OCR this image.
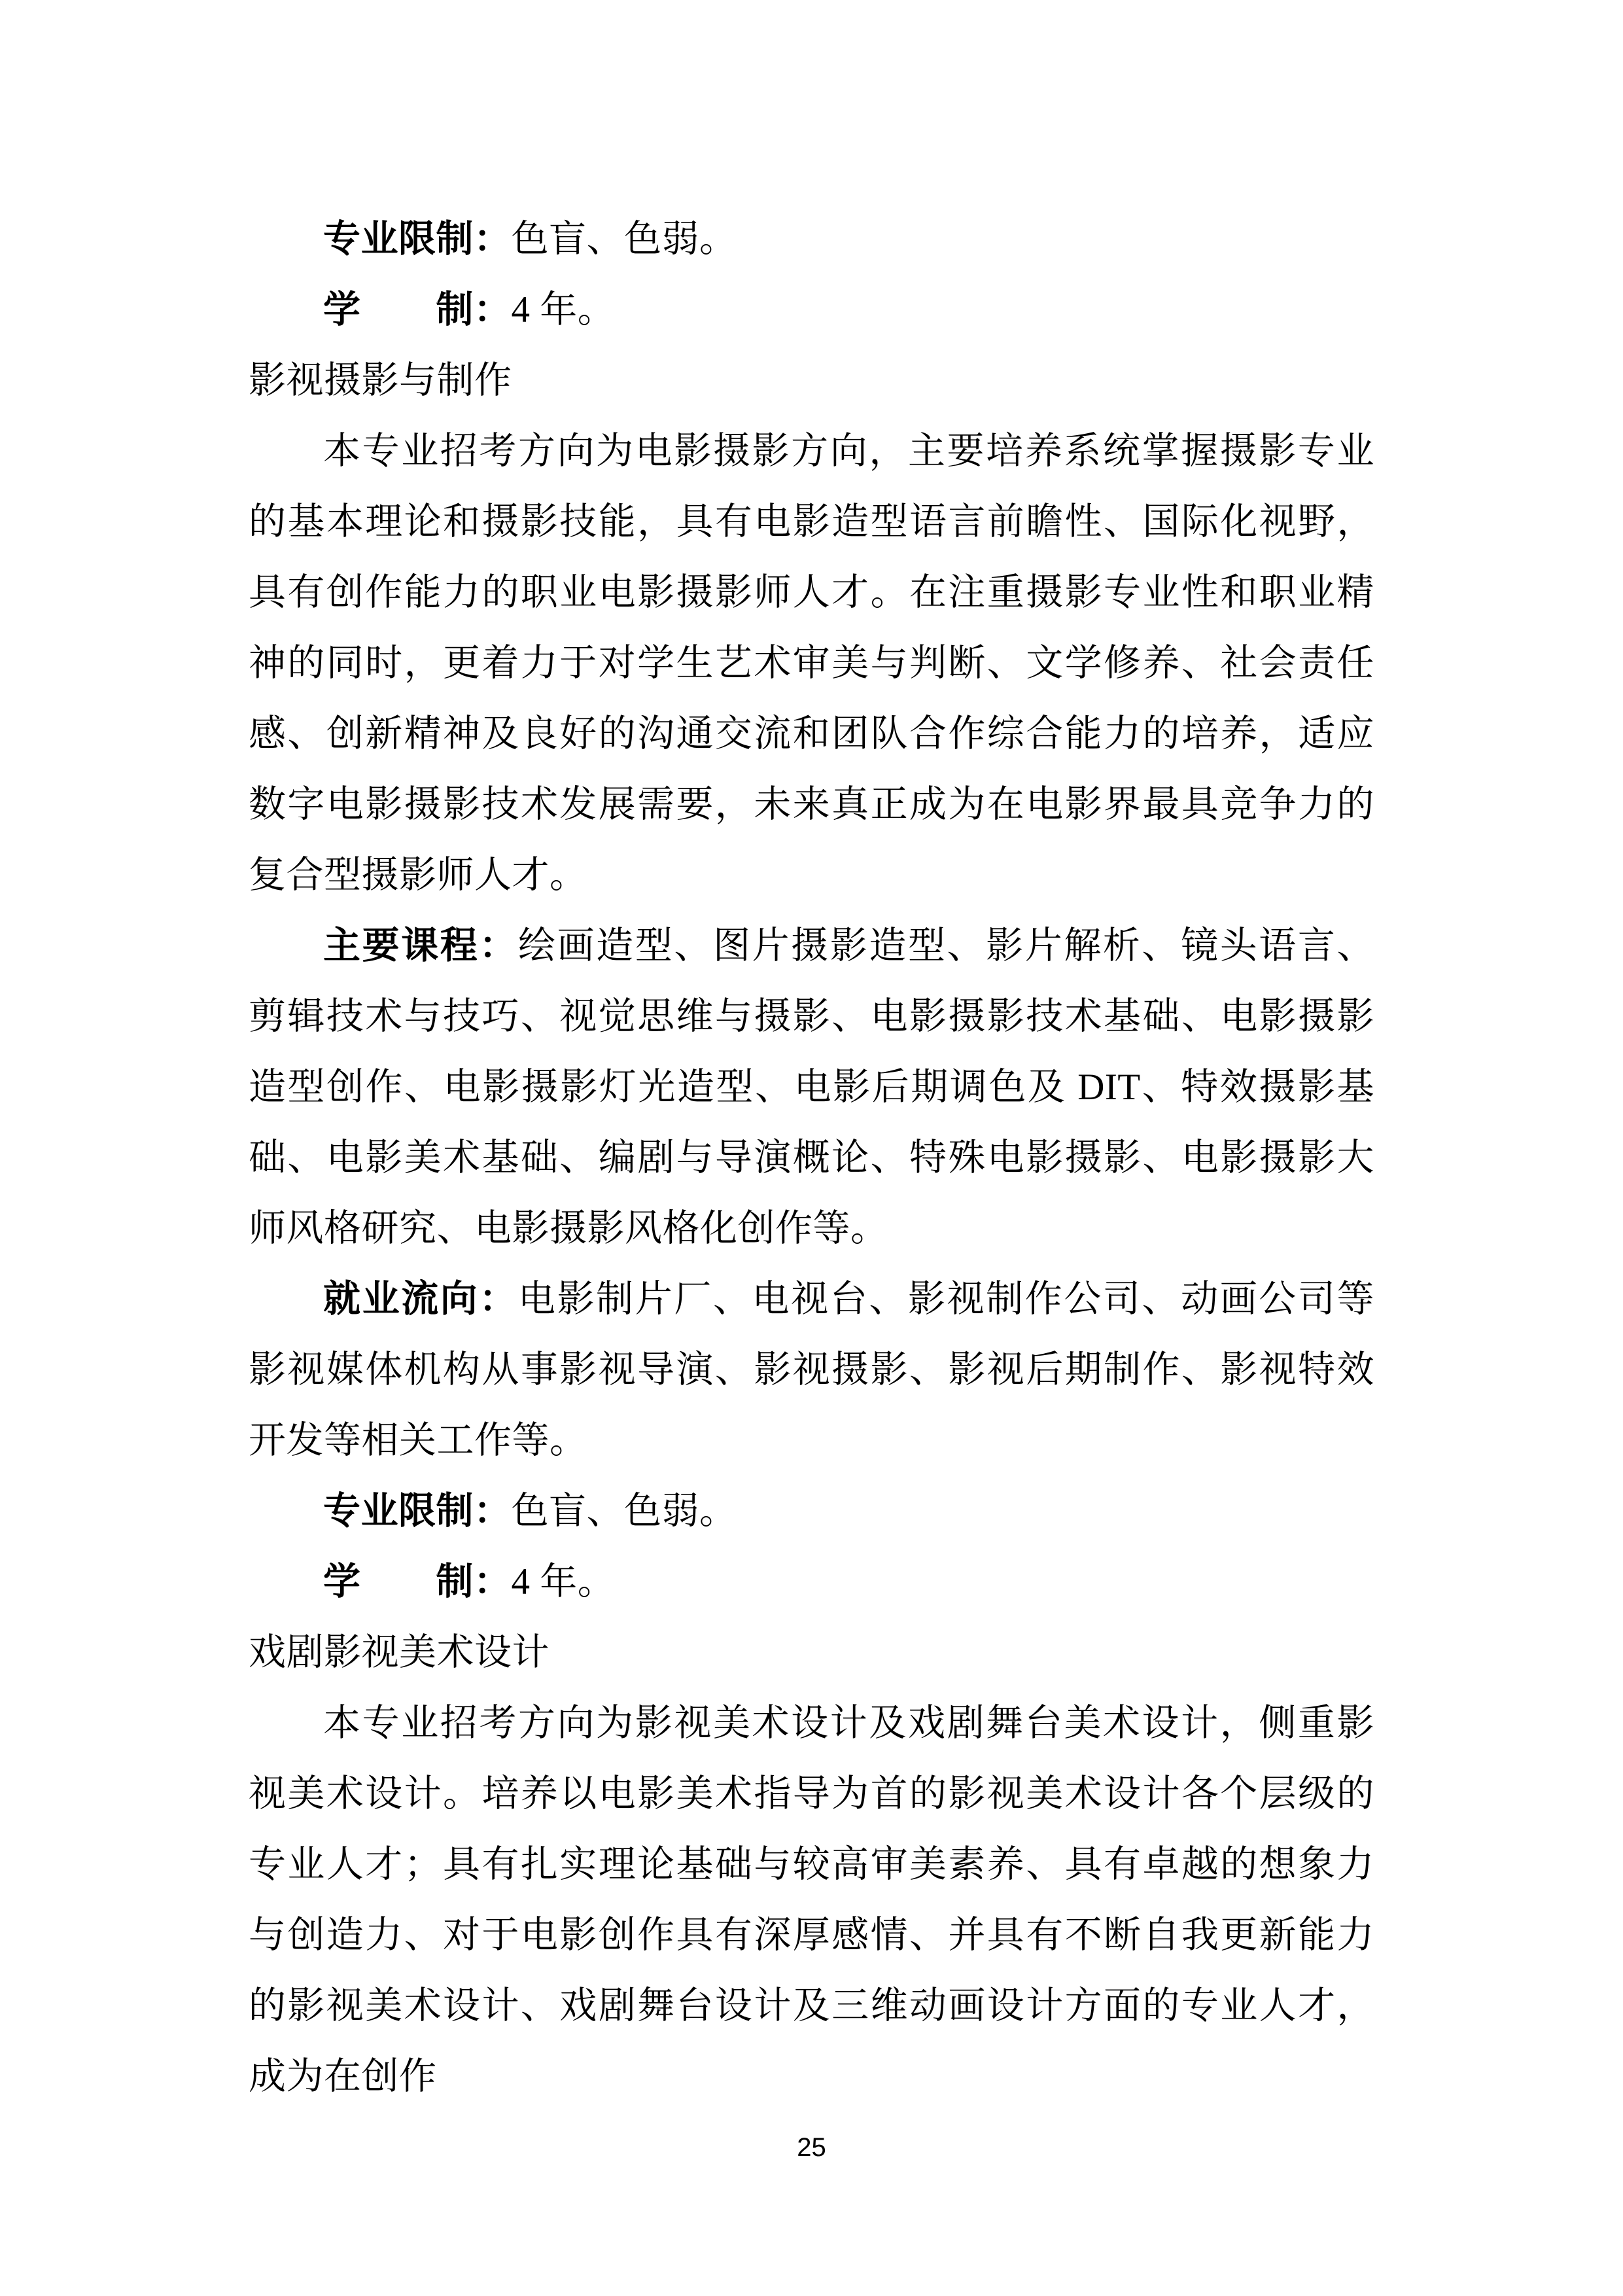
专业限制：色盲、色弱。

学　　制：4 年。

影视摄影与制作

本专业招考方向为电影摄影方向，主要培养系统掌握摄影专业的基本理论和摄影技能，具有电影造型语言前瞻性、国际化视野，具有创作能力的职业电影摄影师人才。在注重摄影专业性和职业精神的同时，更着力于对学生艺术审美与判断、文学修养、社会责任感、创新精神及良好的沟通交流和团队合作综合能力的培养，适应数字电影摄影技术发展需要，未来真正成为在电影界最具竞争力的复合型摄影师人才。

主要课程：绘画造型、图片摄影造型、影片解析、镜头语言、剪辑技术与技巧、视觉思维与摄影、电影摄影技术基础、电影摄影造型创作、电影摄影灯光造型、电影后期调色及 DIT、特效摄影基础、电影美术基础、编剧与导演概论、特殊电影摄影、电影摄影大师风格研究、电影摄影风格化创作等。

就业流向：电影制片厂、电视台、影视制作公司、动画公司等影视媒体机构从事影视导演、影视摄影、影视后期制作、影视特效开发等相关工作等。

专业限制：色盲、色弱。

学　　制：4 年。

戏剧影视美术设计

本专业招考方向为影视美术设计及戏剧舞台美术设计，侧重影视美术设计。培养以电影美术指导为首的影视美术设计各个层级的专业人才；具有扎实理论基础与较高审美素养、具有卓越的想象力与创造力、对于电影创作具有深厚感情、并具有不断自我更新能力的影视美术设计、戏剧舞台设计及三维动画设计方面的专业人才，成为在创作

25
